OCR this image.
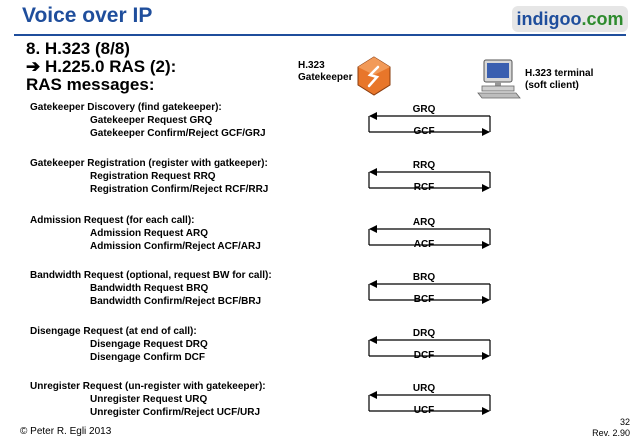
Voice over IP	indigoo.com
8. H.323 (8/8)
➔ H.225.0 RAS (2):
RAS messages:
H.323
Gatekeeper	H.323 terminal
(soft client)
Gatekeeper Discovery (find gatekeeper):
Gatekeeper Request GRQ
Gatekeeper Confirm/Reject GCF/GRJ
Gatekeeper Registration (register with gatkeeper):
Registration Request RRQ
Registration Confirm/Reject RCF/RRJ
Admission Request (for each call):
Admission Request ARQ
Admission Confirm/Reject ACF/ARJ
Bandwidth Request (optional, request BW for call):
Bandwidth Request BRQ
Bandwidth Confirm/Reject BCF/BRJ
Disengage Request (at end of call):
Disengage Request DRQ
Disengage Confirm DCF
Unregister Request (un-register with gatekeeper):
Unregister Request URQ
Unregister Confirm/Reject UCF/URJ
© Peter R. Egli 2013
32
Rev. 2.90
GRQ
GCF
RRQ
RCF
ARQ
ACF
BRQ
BCF
DRQ
DCF
URQ
UCF
